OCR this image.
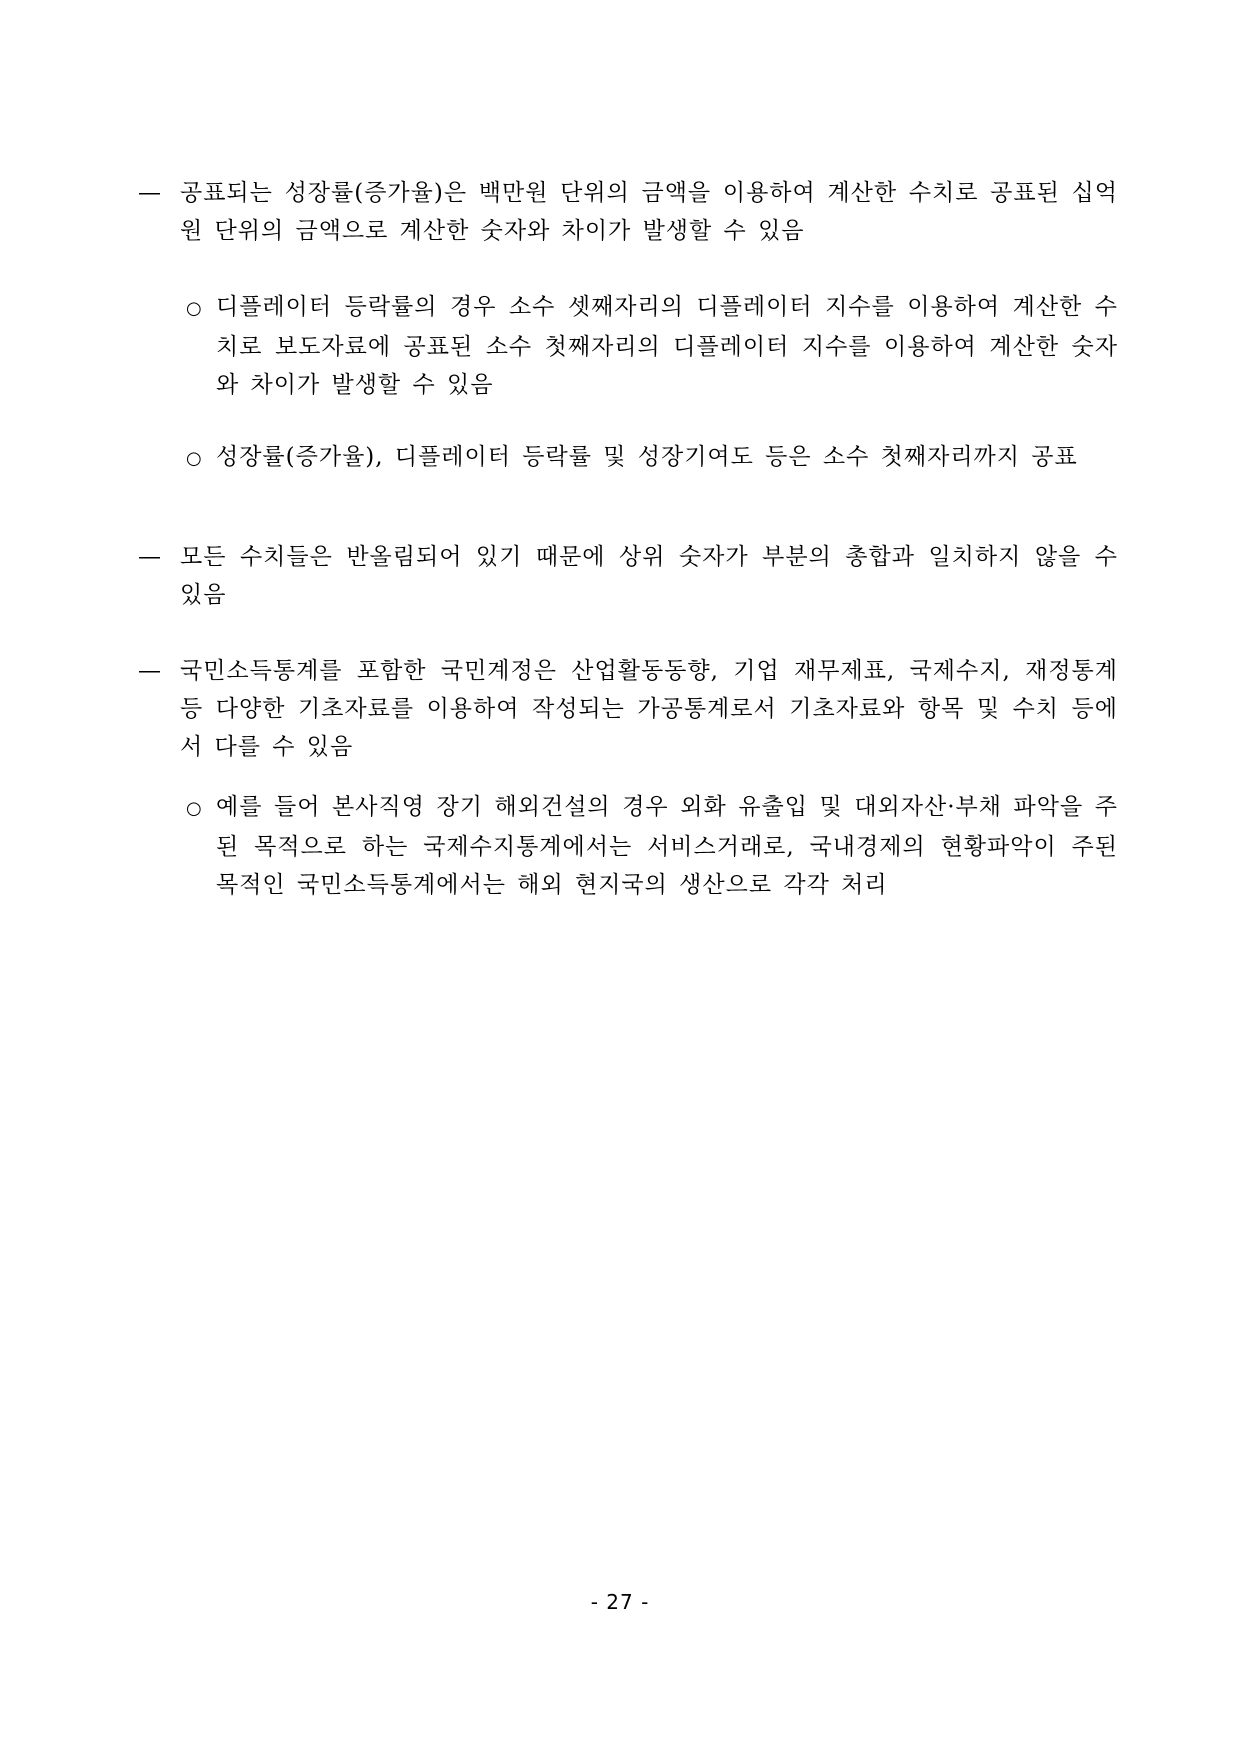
— 공표되는 성장률(증가율)은 백만원 단위의 금액을 이용하여 계산한 수치로 공표된 십억원 단위의 금액으로 계산한 숫자와 차이가 발생할 수 있음
○ 디플레이터 등락률의 경우 소수 셋째자리의 디플레이터 지수를 이용하여 계산한 수치로 보도자료에 공표된 소수 첫째자리의 디플레이터 지수를 이용하여 계산한 숫자와 차이가 발생할 수 있음
○ 성장률(증가율), 디플레이터 등락률 및 성장기여도 등은 소수 첫째자리까지 공표
— 모든 수치들은 반올림되어 있기 때문에 상위 숫자가 부분의 총합과 일치하지 않을 수 있음
— 국민소득통계를 포함한 국민계정은 산업활동동향, 기업 재무제표, 국제수지, 재정통계 등 다양한 기초자료를 이용하여 작성되는 가공통계로서 기초자료와 항목 및 수치 등에서 다를 수 있음
○ 예를 들어 본사직영 장기 해외건설의 경우 외화 유출입 및 대외자산·부채 파악을 주된 목적으로 하는 국제수지통계에서는 서비스거래로, 국내경제의 현황파악이 주된 목적인 국민소득통계에서는 해외 현지국의 생산으로 각각 처리
- 27 -
